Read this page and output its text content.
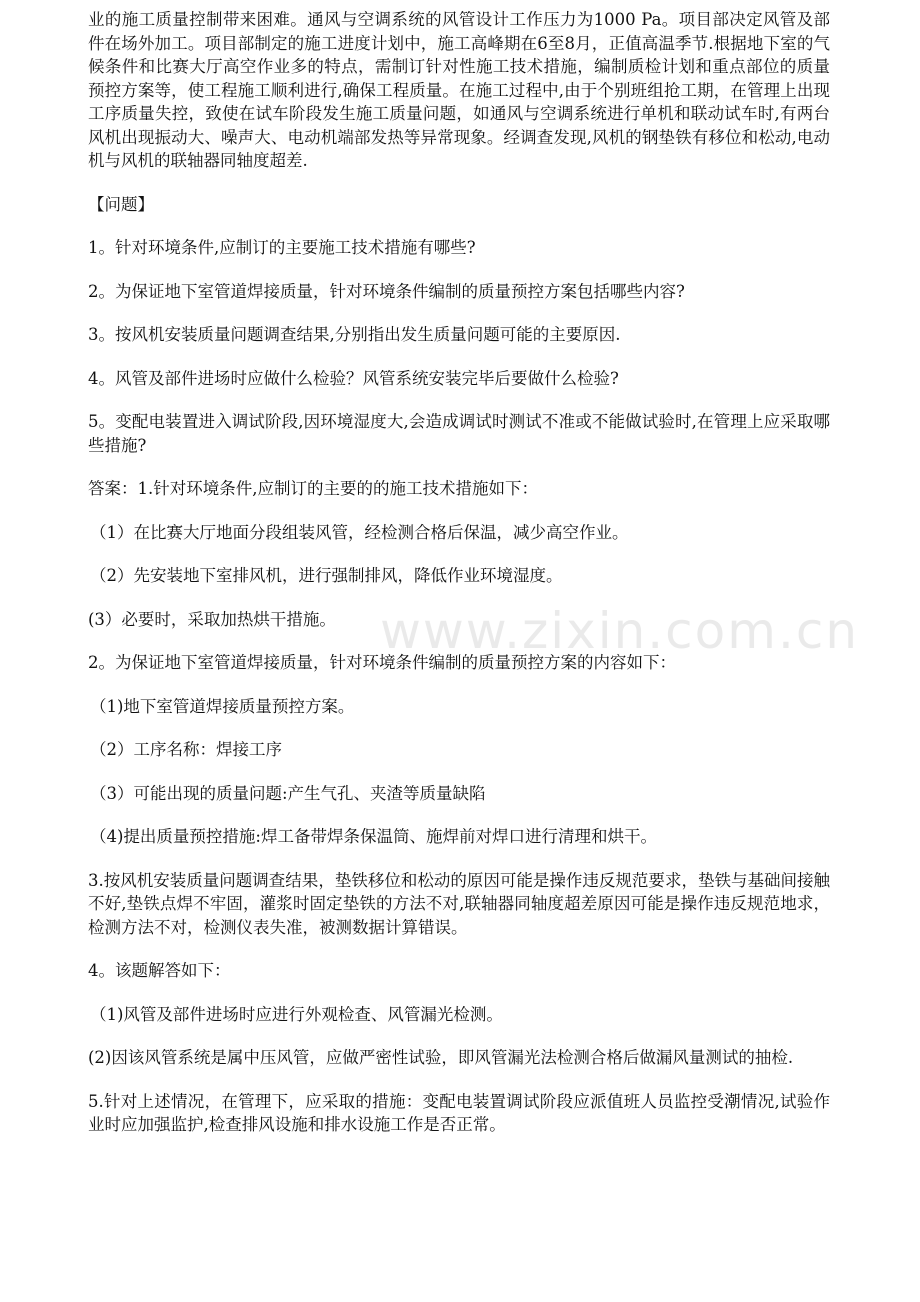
业的施工质量控制带来困难。通风与空调系统的风管设计工作压力为1000 Pa。项目部决定风管及部件在场外加工。项目部制定的施工进度计划中，施工高峰期在6至8月，正值高温季节.根据地下室的气候条件和比赛大厅高空作业多的特点，需制订针对性施工技术措施，编制质检计划和重点部位的质量预控方案等，使工程施工顺利进行,确保工程质量。在施工过程中,由于个别班组抢工期，在管理上出现工序质量失控，致使在试车阶段发生施工质量问题，如通风与空调系统进行单机和联动试车时,有两台风机出现振动大、噪声大、电动机端部发热等异常现象。经调查发现,风机的钢垫铁有移位和松动,电动机与风机的联轴器同轴度超差.

【问题】

1。针对环境条件,应制订的主要施工技术措施有哪些?

2。为保证地下室管道焊接质量，针对环境条件编制的质量预控方案包括哪些内容?

3。按风机安装质量问题调查结果,分别指出发生质量问题可能的主要原因.

4。风管及部件进场时应做什么检验？风管系统安装完毕后要做什么检验?

5。变配电装置进入调试阶段,因环境湿度大,会造成调试时测试不准或不能做试验时,在管理上应采取哪些措施?

答案：1.针对环境条件,应制订的主要的的施工技术措施如下：

（1）在比赛大厅地面分段组装风管，经检测合格后保温，减少高空作业。

（2）先安装地下室排风机，进行强制排风，降低作业环境湿度。

(3）必要时，采取加热烘干措施。

2。为保证地下室管道焊接质量，针对环境条件编制的质量预控方案的内容如下：

（1)地下室管道焊接质量预控方案。

（2）工序名称：焊接工序

（3）可能出现的质量问题:产生气孔、夹渣等质量缺陷

（4)提出质量预控措施:焊工备带焊条保温筒、施焊前对焊口进行清理和烘干。

3.按风机安装质量问题调查结果，垫铁移位和松动的原因可能是操作违反规范要求，垫铁与基础间接触不好,垫铁点焊不牢固，灌浆时固定垫铁的方法不对,联轴器同轴度超差原因可能是操作违反规范地求，检测方法不对，检测仪表失准，被测数据计算错误。

4。该题解答如下：

（1)风管及部件进场时应进行外观检查、风管漏光检测。

(2)因该风管系统是属中压风管，应做严密性试验，即风管漏光法检测合格后做漏风量测试的抽检.

5.针对上述情况，在管理下，应采取的措施：变配电装置调试阶段应派值班人员监控受潮情况,试验作业时应加强监护,检查排风设施和排水设施工作是否正常。

www.zixin.com.cn
